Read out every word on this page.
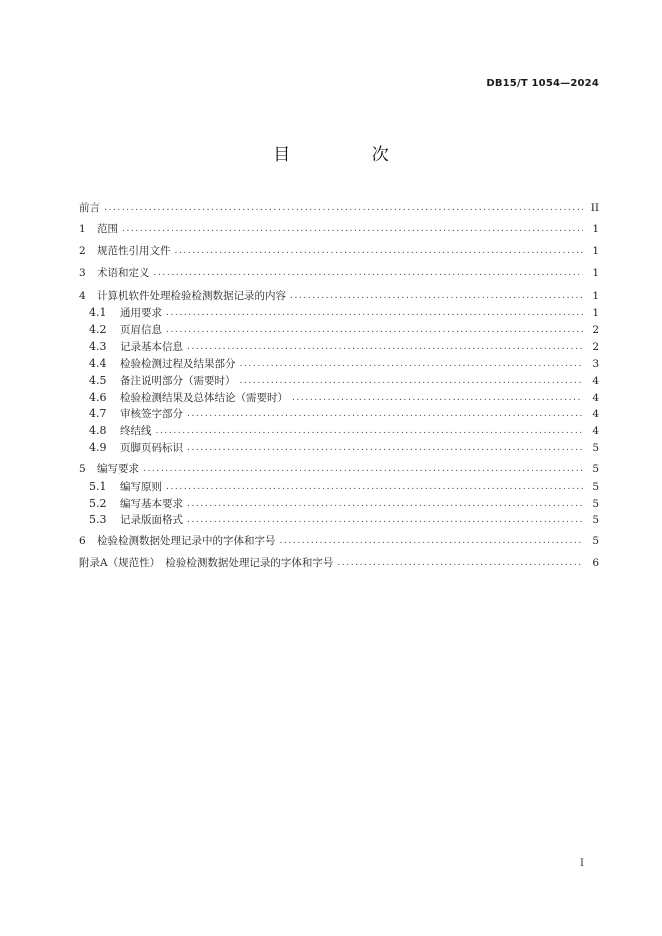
DB15/T 1054—2024
目 次
前言 .....	II
1	范围 .....	1
2	规范性引用文件 .....	1
3	术语和定义 .....	1
4	计算机软件处理检验检测数据记录的内容 .....	1
4.1	通用要求 .....	1
4.2	页眉信息 .....	2
4.3	记录基本信息 .....	2
4.4	检验检测过程及结果部分 .....	3
4.5	备注说明部分（需要时） .....	4
4.6	检验检测结果及总体结论（需要时） .....	4
4.7	审核签字部分 .....	4
4.8	终结线 .....	4
4.9	页脚页码标识 .....	5
5	编写要求 .....	5
5.1	编写原则 .....	5
5.2	编写基本要求 .....	5
5.3	记录版面格式 .....	5
6	检验检测数据处理记录中的字体和字号 .....	5
附录A（规范性）　检验检测数据处理记录的字体和字号 .....	6
I
